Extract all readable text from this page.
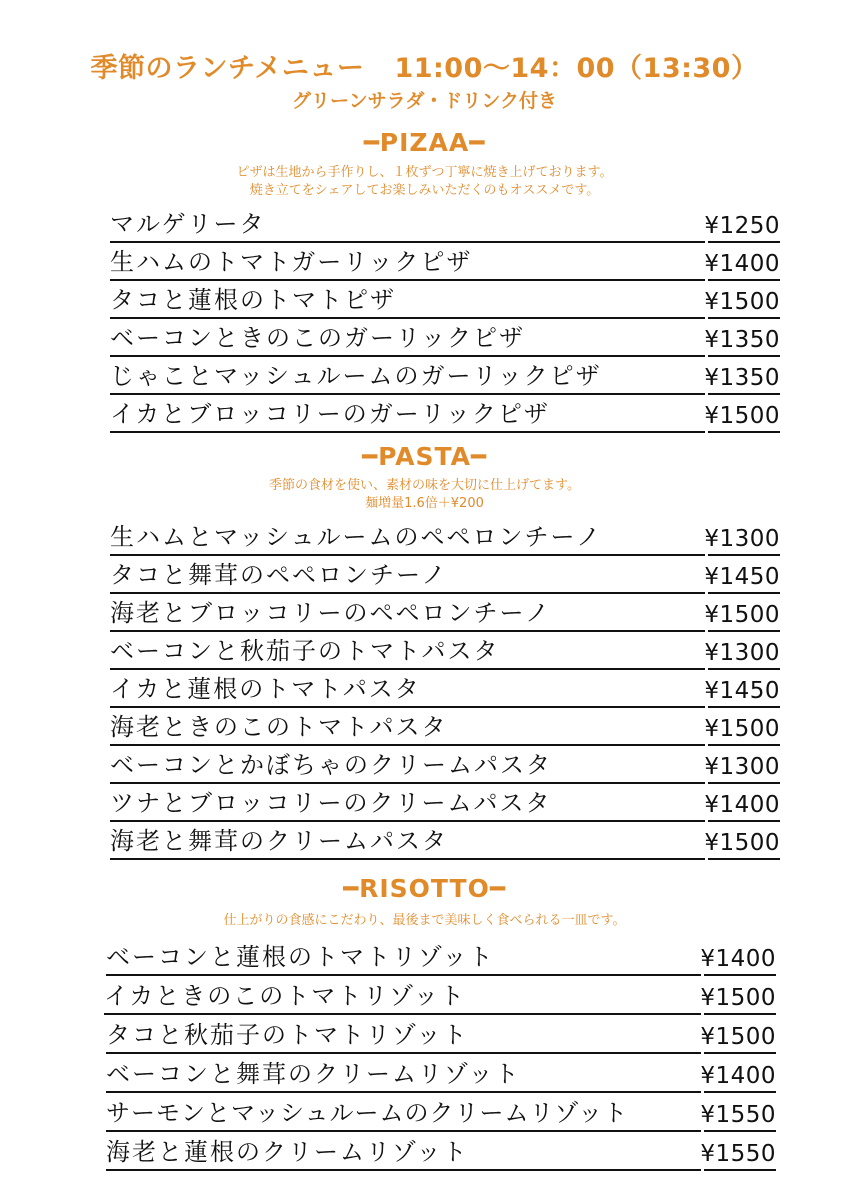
季節のランチメニュー 11:00〜14：00（13:30）
グリーンサラダ・ドリンク付き
━PIZAA━
ピザは生地から手作りし、１枚ずつ丁寧に焼き上げております。
焼き立てをシェアしてお楽しみいただくのもオススメです。
マルゲリータ	¥1250
生ハムのトマトガーリックピザ	¥1400
タコと蓮根のトマトピザ	¥1500
ベーコンときのこのガーリックピザ	¥1350
じゃことマッシュルームのガーリックピザ	¥1350
イカとブロッコリーのガーリックピザ	¥1500
━PASTA━
季節の食材を使い、素材の味を大切に仕上げてます。
麺増量1.6倍＋¥200
生ハムとマッシュルームのペペロンチーノ	¥1300
タコと舞茸のペペロンチーノ	¥1450
海老とブロッコリーのペペロンチーノ	¥1500
ベーコンと秋茄子のトマトパスタ	¥1300
イカと蓮根のトマトパスタ	¥1450
海老ときのこのトマトパスタ	¥1500
ベーコンとかぼちゃのクリームパスタ	¥1300
ツナとブロッコリーのクリームパスタ	¥1400
海老と舞茸のクリームパスタ	¥1500
━RISOTTO━
仕上がりの食感にこだわり、最後まで美味しく食べられる一皿です。
ベーコンと蓮根のトマトリゾット	¥1400
イカときのこのトマトリゾット	¥1500
タコと秋茄子のトマトリゾット	¥1500
ベーコンと舞茸のクリームリゾット	¥1400
サーモンとマッシュルームのクリームリゾット	¥1550
海老と蓮根のクリームリゾット	¥1550
